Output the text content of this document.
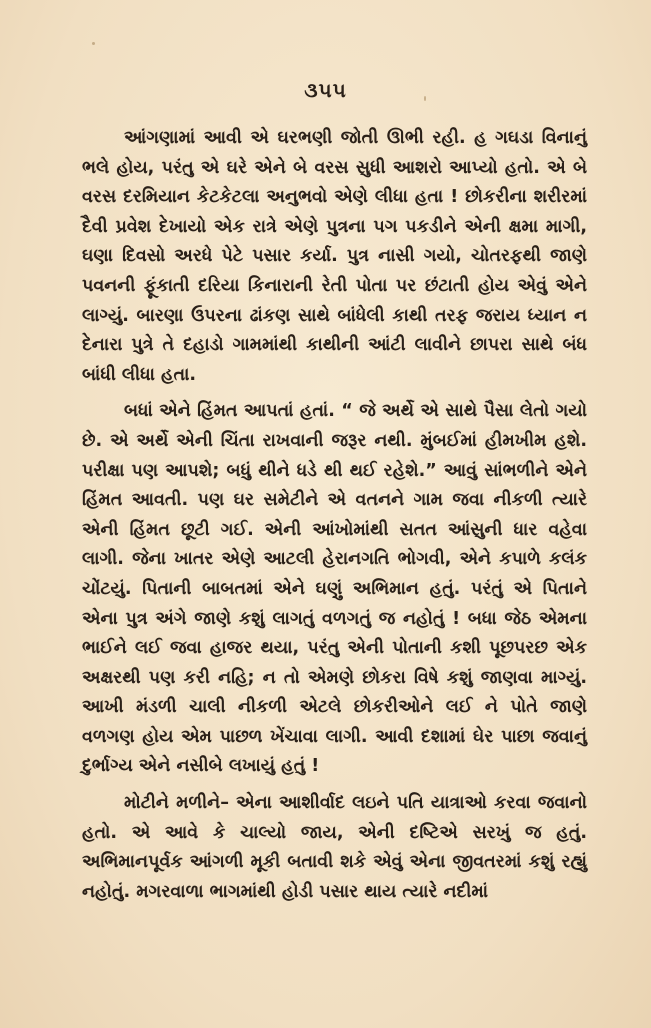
૩૫૫

આંગણામાં આવી એ ઘરભણી જોતી ઊભી રહી. હ ગઘડા વિનાનું ભલે હોય, પરંતુ એ ઘરે એને બે વરસ સુધી આશરો આપ્યો હતો. એ બે વરસ દરમિયાન કેટકેટલા અનુભવો એણે લીધા હતા ! છોકરીના શરીરમાં દૈવી પ્રવેશ દેખાયો એક રાત્રે એણે પુત્રના પગ પકડીને એની ક્ષમા માગી, ઘણા દિવસો અરધે પેટે પસાર કર્યા. પુત્ર નાસી ગયો, ચોતરફથી જાણે પવનની ફૂંકાતી દરિયા કિનારાની રેતી પોતા પર છંટાતી હોય એવું એને લાગ્યું. બારણા ઉપરના ઢાંકણ સાથે બાંધેલી કાથી તરફ જરાય ધ્યાન ન દેનારા પુત્રે તે દહાડો ગામમાંથી કાથીની આંટી લાવીને છાપરા સાથે બંધ બાંધી લીધા હતા.

બધાં એને હિંમત આપતાં હતાં. “ જે અર્થે એ સાથે પૈસા લેતો ગયો છે. એ અર્થે એની ચિંતા રાખવાની જરૂર નથી. મુંબઈમાં હીમખીમ હશે. પરીક્ષા પણ આપશે; બધું થીને ધડે થી થઈ રહેશે.” આવું સાંભળીને એને હિંમત આવતી. પણ ઘર સમેટીને એ વતનને ગામ જવા નીકળી ત્યારે એની હિંમત છૂટી ગઈ. એની આંખોમાંથી સતત આંસુની ધાર વહેવા લાગી. જેના ખાતર એણે આટલી હેરાનગતિ ભોગવી, એને કપાળે કલંક ચોંટયું. પિતાની બાબતમાં એને ઘણું અભિમાન હતું. પરંતું એ પિતાને એના પુત્ર અંગે જાણે કશું લાગતું વળગતું જ નહોતું ! બધા જેઠ એમના ભાઈને લઈ જવા હાજર થયા, પરંતુ એની પોતાની કશી પૂછપરછ એક અક્ષરથી પણ કરી નહિ; ન તો એમણે છોકરા વિષે કશું જાણવા માગ્યું. આખી મંડળી ચાલી નીકળી એટલે છોકરીઓને લઈ ને પોતે જાણે વળગણ હોય એમ પાછળ ખેંચાવા લાગી. આવી દશામાં ઘેર પાછા જવાનું દુર્ભાગ્ય એને નસીબે લખાયું હતું !

મોટીને મળીને– એના આશીર્વાદ લઇને પતિ યાત્રાઓ કરવા જવાનો હતો. એ આવે કે ચાલ્યો જાય, એની દષ્ટિએ સરખું જ હતું. અભિમાનપૂર્વક આંગળી મૂકી બતાવી શકે એવું એના જીવતરમાં કશું રહ્યું નહોતું. મગરવાળા ભાગમાંથી હોડી પસાર થાય ત્યારે નદીમાં
